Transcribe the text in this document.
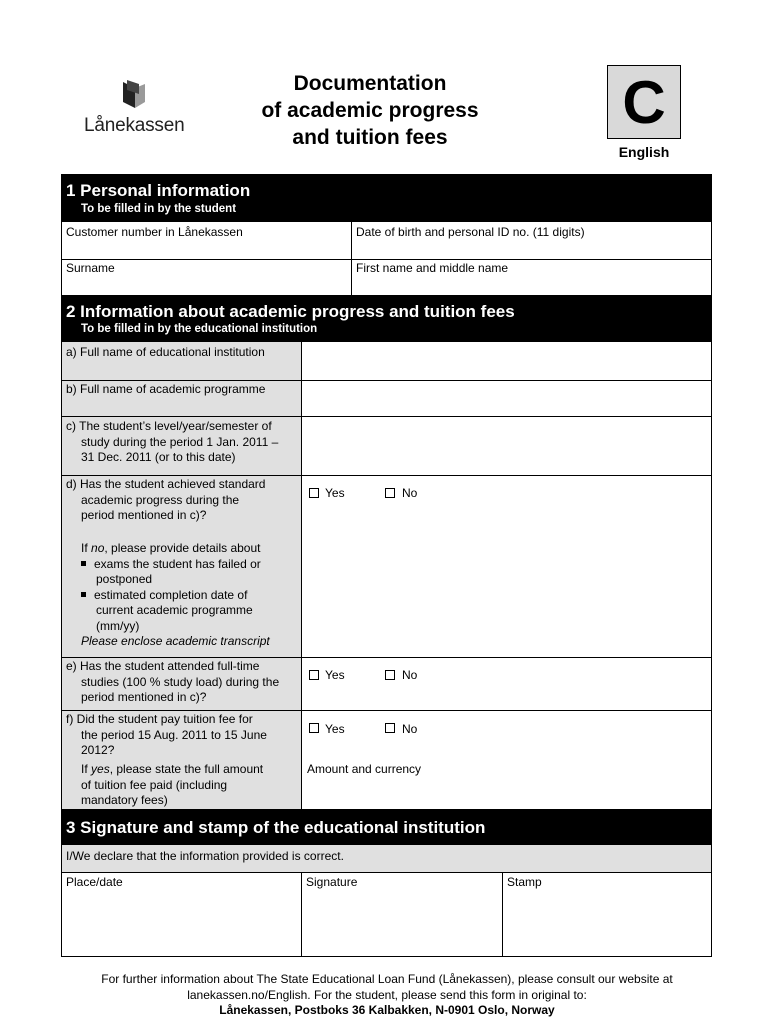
Lånekassen
Documentation
of academic progress
and tuition fees
C
English
1 Personal information
To be filled in by the student
Customer number in Lånekassen	Date of birth and personal ID no. (11 digits)
Surname	First name and middle name
2 Information about academic progress and tuition fees
To be filled in by the educational institution
a) Full name of educational institution
b) Full name of academic programme
c) The student’s level/year/semester of
study during the period 1 Jan. 2011 –
31 Dec. 2011 (or to this date)
d) Has the student achieved standard
academic progress during the
period mentioned in c)?
Yes	No
If no, please provide details about
exams the student has failed or
postponed
estimated completion date of
current academic programme
(mm/yy)
Please enclose academic transcript
e) Has the student attended full-time
studies (100 % study load) during the
period mentioned in c)?
Yes	No
f) Did the student pay tuition fee for
the period 15 Aug. 2011 to 15 June
2012?
Yes	No
If yes, please state the full amount
of tuition fee paid (including
mandatory fees)
Amount and currency
3 Signature and stamp of the educational institution
I/We declare that the information provided is correct.
Place/date	Signature	Stamp
For further information about The State Educational Loan Fund (Lånekassen), please consult our website at
lanekassen.no/English. For the student, please send this form in original to:
Lånekassen, Postboks 36 Kalbakken, N-0901 Oslo, Norway
